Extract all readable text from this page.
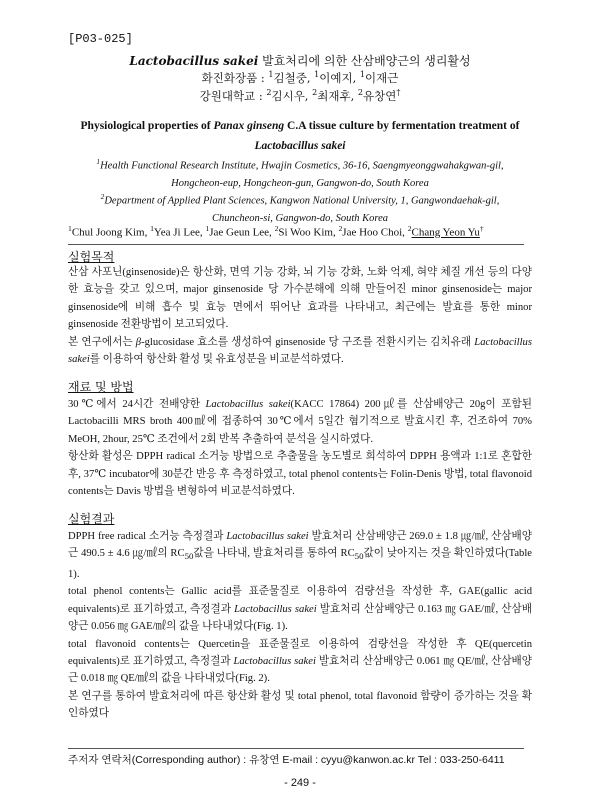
[P03-025]
Lactobacillus sakei 발효처리에 의한 산삼배양근의 생리활성
화진화장품 : $^1$김철중, $^1$이예지, $^1$이재근
강원대학교 : $^2$김시우, $^2$최재후, $^2$유창연†
Physiological properties of Panax ginseng C.A tissue culture by fermentation treatment of
Lactobacillus sakei
$^1$Health Functional Research Institute, Hwajin Cosmetics, 36-16, Saengmyeonggwahakgwan-gil,
Hongcheon-eup, Hongcheon-gun, Gangwon-do, South Korea
$^2$Department of Applied Plant Sciences, Kangwon National University, 1, Gangwondaehak-gil,
Chuncheon-si, Gangwon-do, South Korea
$^1$Chul Joong Kim, $^1$Yea Ji Lee, $^1$Jae Geun Lee, $^2$Si Woo Kim, $^2$Jae Hoo Choi, $^2$Chang Yeon Yu†
실험목적

산삼 사포닌(ginsenoside)은 항산화, 면역 기능 강화, 뇌 기능 강화, 노화 억제, 혀약 체질 개선 등의 다양한 효능을 갖고 있으며, major ginsenoside 당 가수분해에 의해 만들어진 minor ginsenoside는 major ginsenoside에 비해 흡수 및 효능 면에서 뛰어난 효과를 나타내고, 최근에는 발효를 통한 minor ginsenoside 전환방법이 보고되었다.

본 연구에서는 β-glucosidase 효소를 생성하여 ginsenoside 당 구조를 전환시키는 김치유래 Lactobacillus sakei를 이용하여 항산화 활성 및 유효성분을 비교분석하였다.

재료 및 방법

30℃에서 24시간 전배양한 Lactobacillus sakei(KACC 17864) 200㎕를 산삼배양근 20g이 포함된 Lactobacilli MRS broth 400㎖에 접종하여 30℃에서 5일간 혐기적으로 발효시킨 후, 건조하여 70% MeOH, 2hour, 25℃ 조건에서 2회 반복 추출하여 분석을 실시하였다.

항산화 활성은 DPPH radical 소거능 방법으로 추출물을 농도별로 희석하여 DPPH 용액과 1:1로 혼합한 후, 37℃ incubator에 30분간 반응 후 측정하였고, total phenol contents는 Folin-Denis 방법, total flavonoid contents는 Davis 방법을 변형하여 비교분석하였다.

실험결과

DPPH free radical 소거능 측정결과 Lactobacillus sakei 발효처리 산삼배양근 269.0 ± 1.8 ㎍/㎖, 산삼배양근 490.5 ± 4.6 ㎍/㎖의 $RC_{50}$값을 나타내, 발효처리를 통하여 $RC_{50}$값이 낮아지는 것을 확인하였다(Table 1).

total phenol contents는 Gallic acid를 표준물질로 이용하여 검량선을 작성한 후, GAE(gallic acid equivalents)로 표기하였고, 측정결과 Lactobacillus sakei 발효처리 산삼배양근 0.163 ㎎ GAE/㎖, 산삼배양근 0.056 ㎎ GAE/㎖의 값을 나타내었다(Fig. 1).

total flavonoid contents는 Quercetin을 표준물질로 이용하여 검량선을 작성한 후 QE(quercetin equivalents)로 표기하였고, 측정결과 Lactobacillus sakei 발효처리 산삼배양근 0.061 ㎎ QE/㎖, 산삼배양근 0.018 ㎎ QE/㎖의 값을 나타내었다(Fig. 2).

본 연구를 통하여 발효처리에 따른 항산화 활성 및 total phenol, total flavonoid 함량이 증가하는 것을 확인하였다

주저자 연락처(Corresponding author) : 유창연 E-mail : cyyu@kanwon.ac.kr Tel : 033-250-6411
- 249 -
